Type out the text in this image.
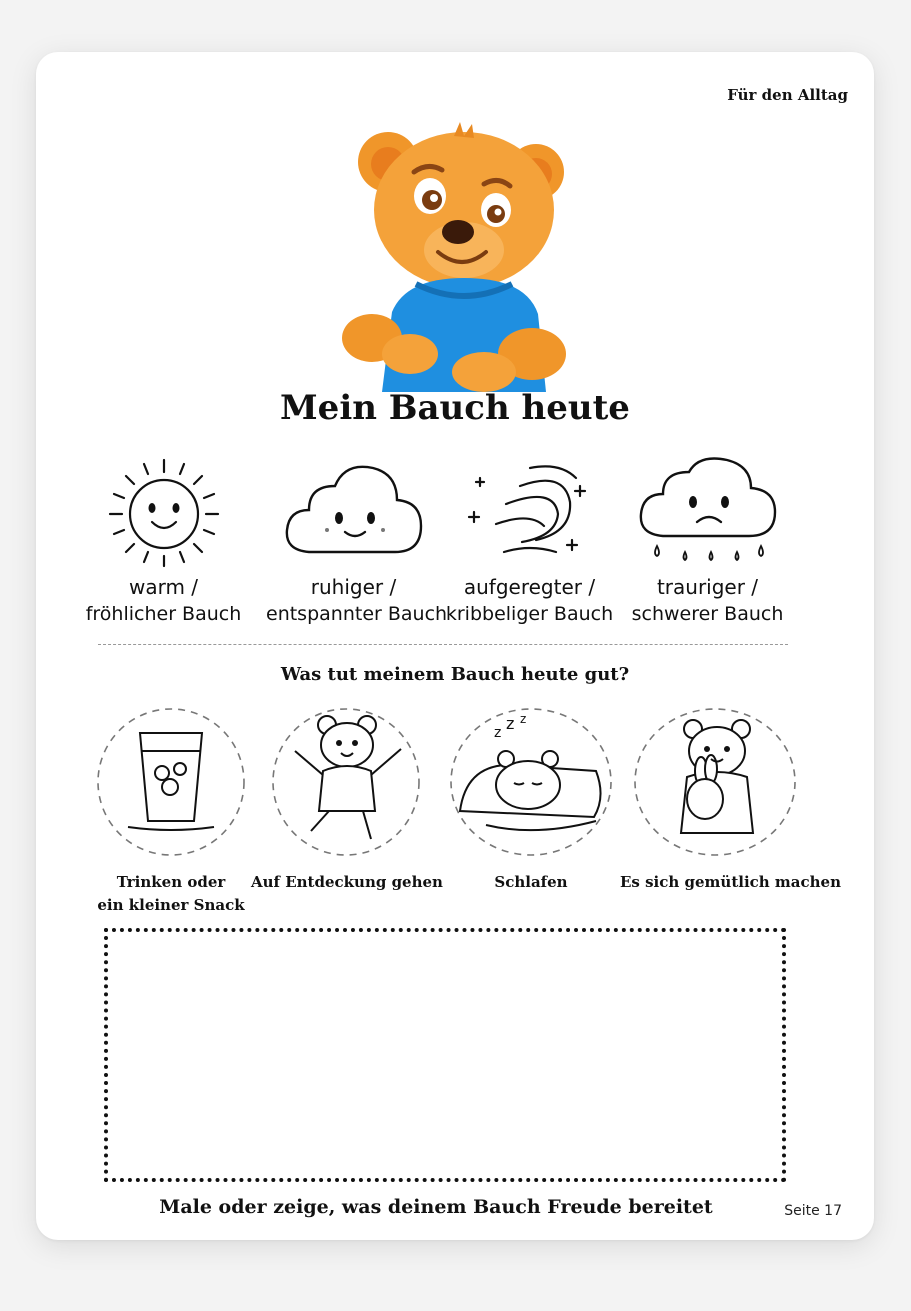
Für den Alltag
Mein Bauch heute
warm /
fröhlicher Bauch
ruhiger /
entspannter Bauch
aufgeregter /
kribbeliger Bauch
trauriger /
schwerer Bauch
Was tut meinem Bauch heute gut?
Trinken oder
ein kleiner Snack
Auf Entdeckung gehen
z z z
Schlafen	Es sich gemütlich machen
Male oder zeige, was deinem Bauch Freude bereitet	Seite 17
